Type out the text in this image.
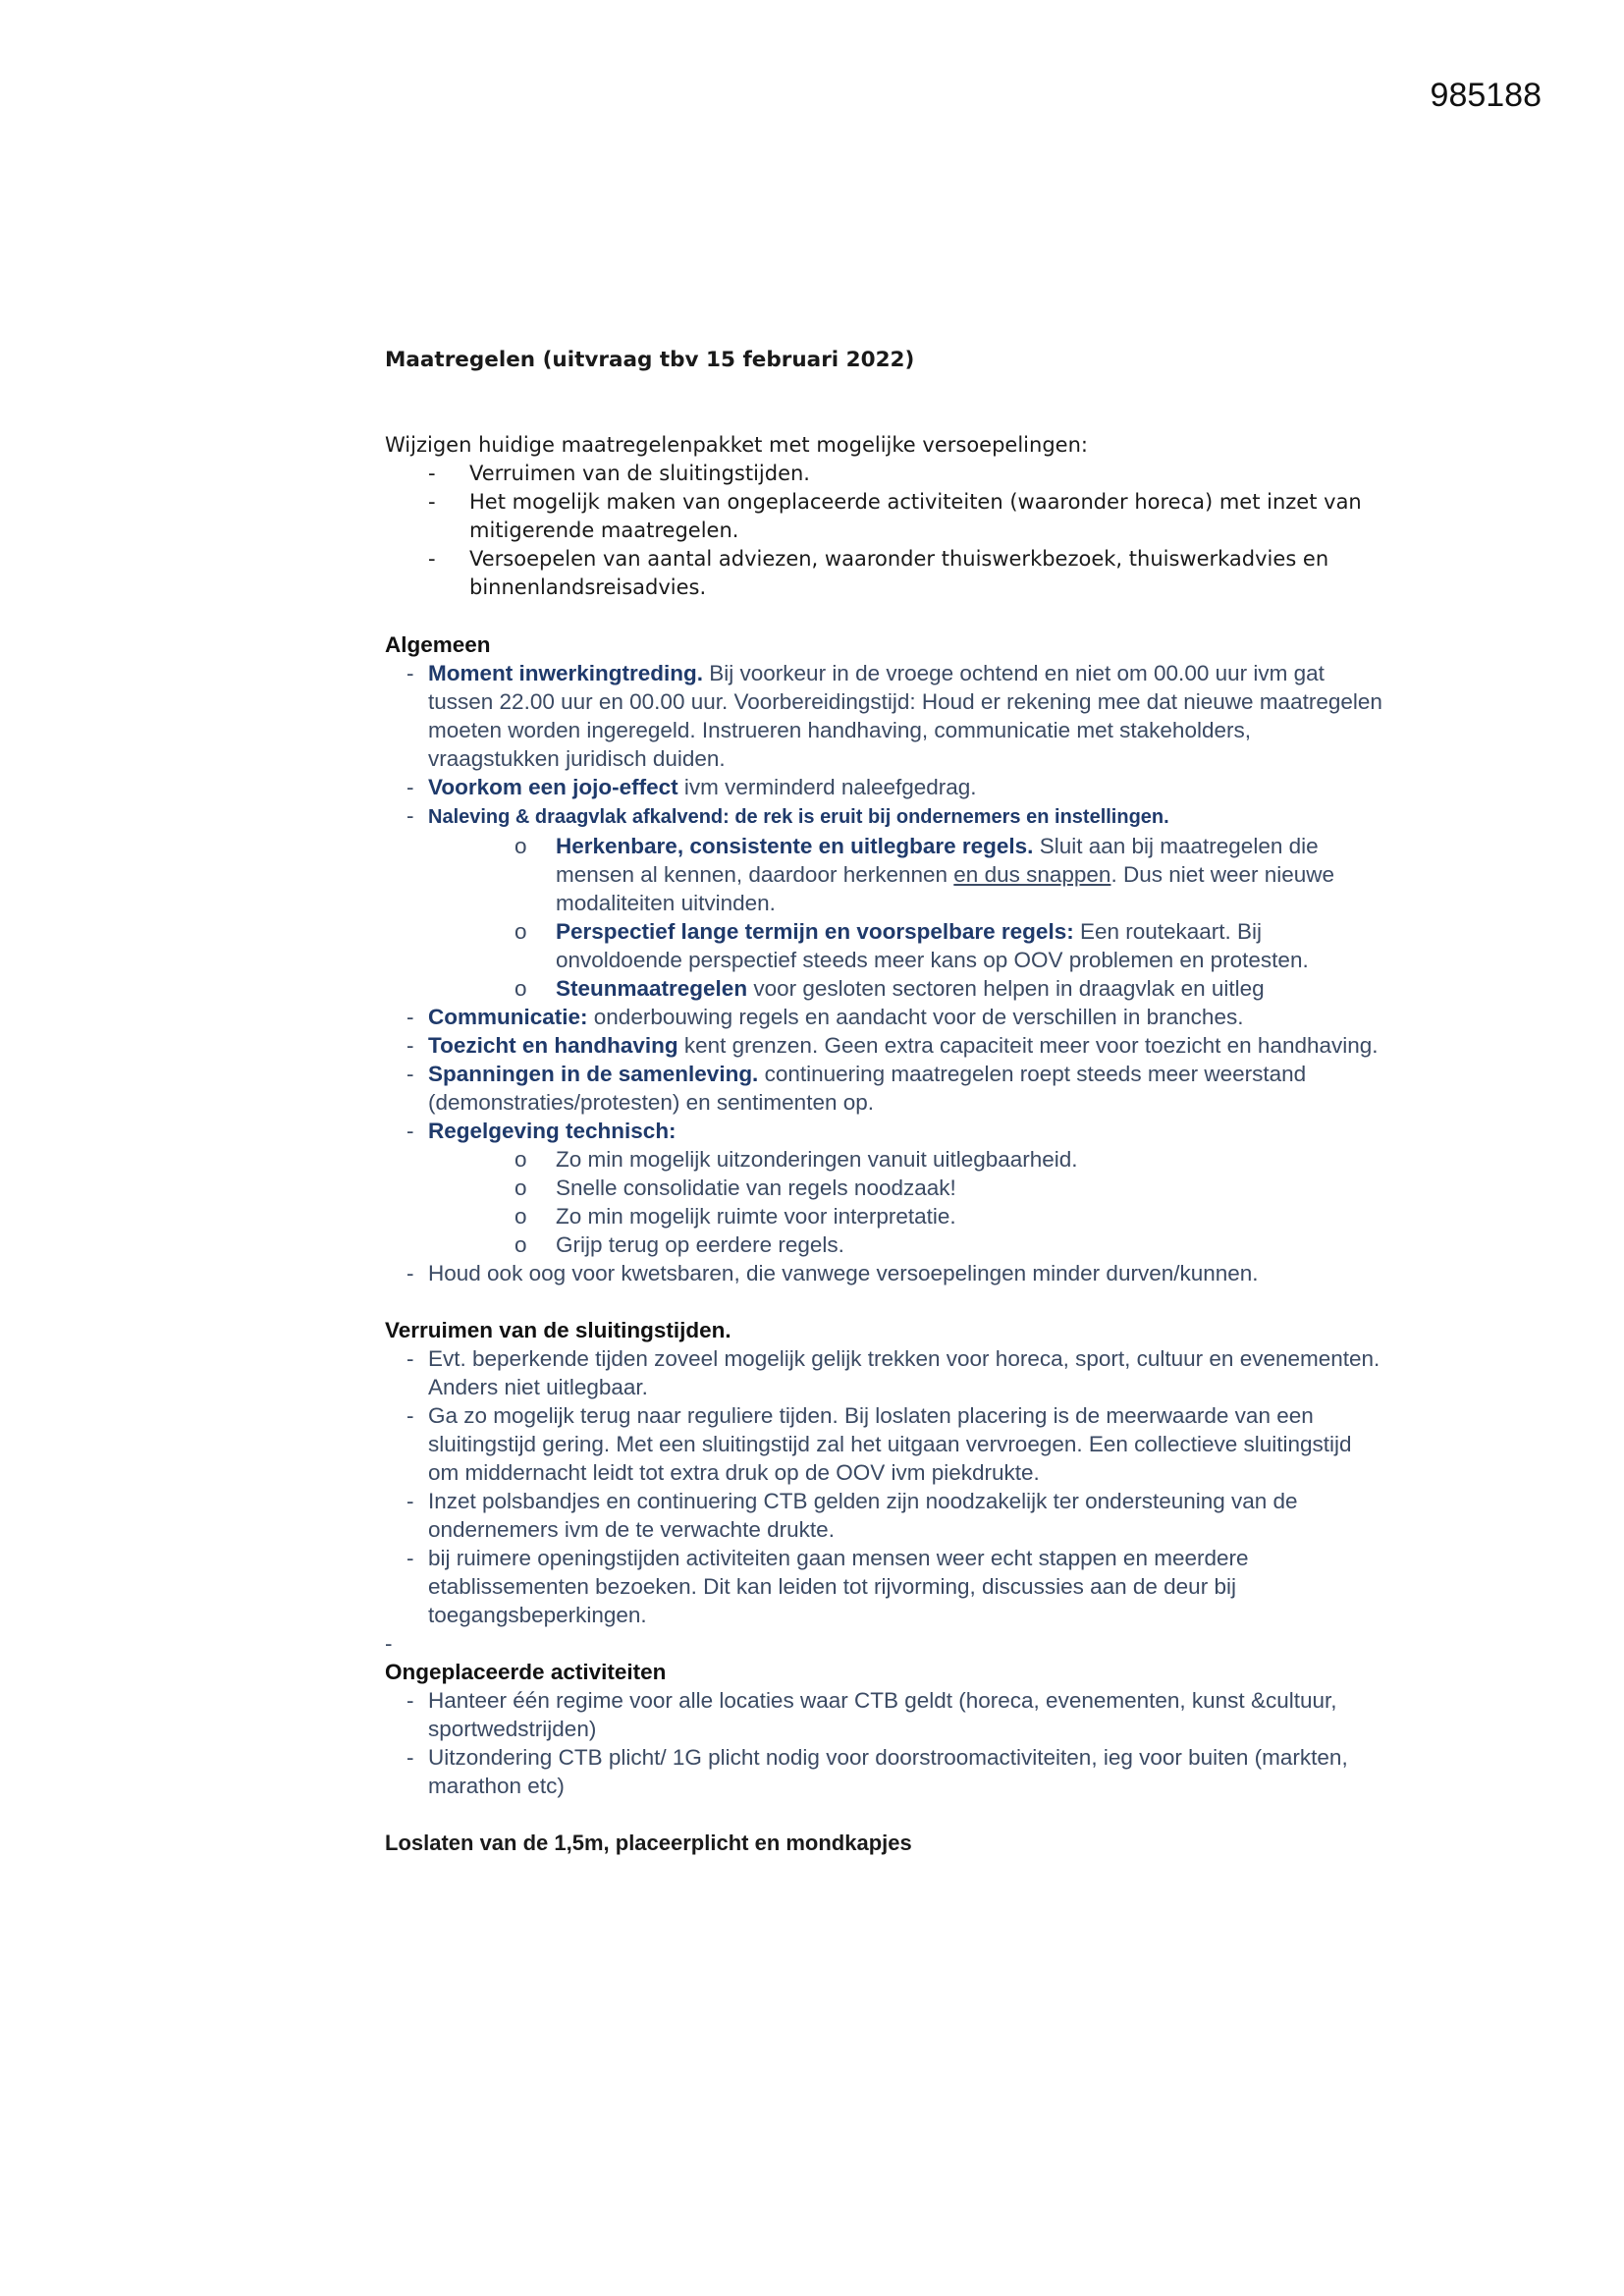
985188

Maatregelen (uitvraag tbv 15 februari 2022)

Wijzigen huidige maatregelenpakket met mogelijke versoepelingen:

- Verruimen van de sluitingstijden.
- Het mogelijk maken van ongeplaceerde activiteiten (waaronder horeca) met inzet van mitigerende maatregelen.
- Versoepelen van aantal adviezen, waaronder thuiswerkbezoek, thuiswerkadvies en binnenlandsreisadvies.

Algemeen

- Moment inwerkingtreding. Bij voorkeur in de vroege ochtend en niet om 00.00 uur ivm gat tussen 22.00 uur en 00.00 uur. Voorbereidingstijd: Houd er rekening mee dat nieuwe maatregelen moeten worden ingeregeld. Instrueren handhaving, communicatie met stakeholders, vraagstukken juridisch duiden.
- Voorkom een jojo-effect ivm verminderd naleefgedrag.
- Naleving & draagvlak afkalvend: de rek is eruit bij ondernemers en instellingen.
o Herkenbare, consistente en uitlegbare regels. Sluit aan bij maatregelen die mensen al kennen, daardoor herkennen en dus snappen. Dus niet weer nieuwe modaliteiten uitvinden.
o Perspectief lange termijn en voorspelbare regels: Een routekaart. Bij onvoldoende perspectief steeds meer kans op OOV problemen en protesten.
o Steunmaatregelen voor gesloten sectoren helpen in draagvlak en uitleg
- Communicatie: onderbouwing regels en aandacht voor de verschillen in branches.
- Toezicht en handhaving kent grenzen. Geen extra capaciteit meer voor toezicht en handhaving.
- Spanningen in de samenleving. continuering maatregelen roept steeds meer weerstand (demonstraties/protesten) en sentimenten op.
- Regelgeving technisch:
o Zo min mogelijk uitzonderingen vanuit uitlegbaarheid.
o Snelle consolidatie van regels noodzaak!
o Zo min mogelijk ruimte voor interpretatie.
o Grijp terug op eerdere regels.
- Houd ook oog voor kwetsbaren, die vanwege versoepelingen minder durven/kunnen.

Verruimen van de sluitingstijden.

- Evt. beperkende tijden zoveel mogelijk gelijk trekken voor horeca, sport, cultuur en evenementen. Anders niet uitlegbaar.
- Ga zo mogelijk terug naar reguliere tijden. Bij loslaten placering is de meerwaarde van een sluitingstijd gering. Met een sluitingstijd zal het uitgaan vervroegen. Een collectieve sluitingstijd om middernacht leidt tot extra druk op de OOV ivm piekdrukte.
- Inzet polsbandjes en continuering CTB gelden zijn noodzakelijk ter ondersteuning van de ondernemers ivm de te verwachte drukte.
- bij ruimere openingstijden activiteiten gaan mensen weer echt stappen en meerdere etablissementen bezoeken. Dit kan leiden tot rijvorming, discussies aan de deur bij toegangsbeperkingen.

-

Ongeplaceerde activiteiten

- Hanteer één regime voor alle locaties waar CTB geldt (horeca, evenementen, kunst &cultuur, sportwedstrijden)
- Uitzondering CTB plicht/ 1G plicht nodig voor doorstroomactiviteiten, ieg voor buiten (markten, marathon etc)

Loslaten van de 1,5m, placeerplicht en mondkapjes
